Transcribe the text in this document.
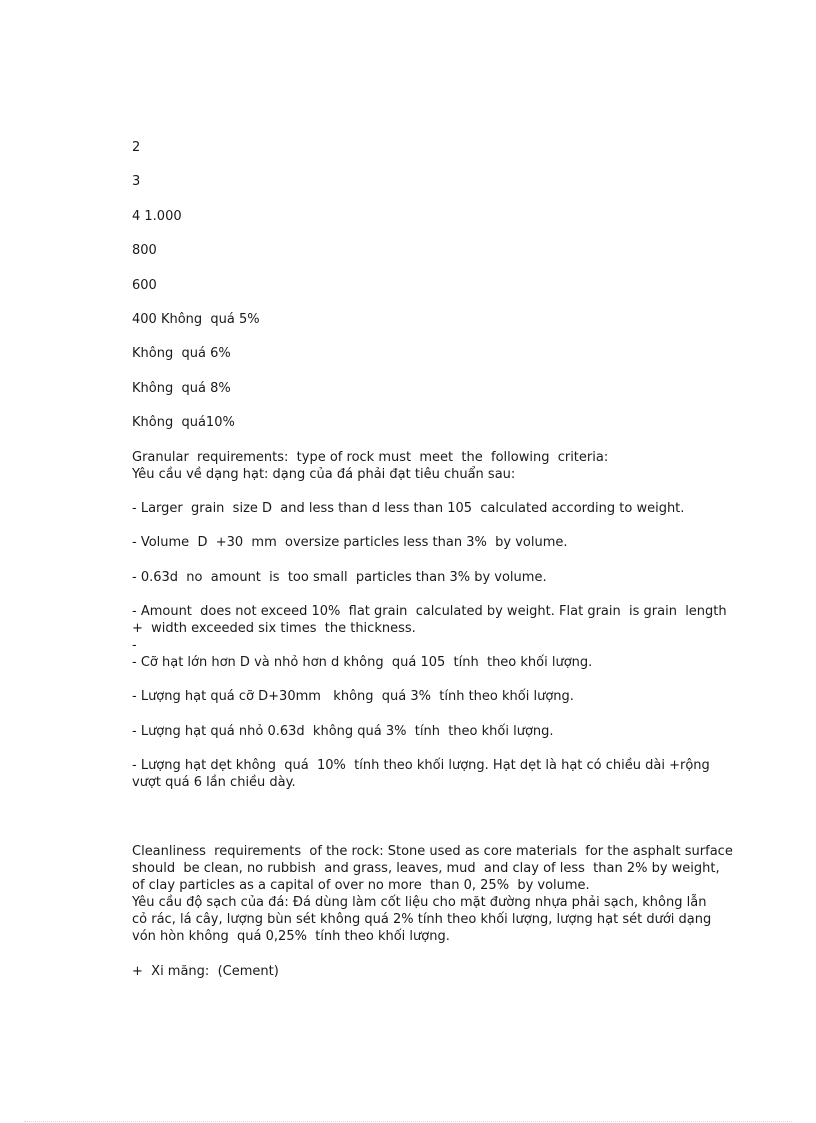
2

3

4 1.000

800

600

400 Không  quá 5%

Không  quá 6%

Không  quá 8%

Không  quá10%

Granular  requirements:  type of rock must  meet  the  following  criteria:

Yêu cầu về dạng hạt: dạng của đá phải đạt tiêu chuẩn sau:

- Larger  grain  size D  and less than d less than 105  calculated according to weight.

- Volume  D  +30  mm  oversize particles less than 3%  by volume.

- 0.63d  no  amount  is  too small  particles than 3% by volume.

- Amount  does not exceed 10%  flat grain  calculated by weight. Flat grain  is grain  length
+  width exceeded six times  the thickness.

-

- Cỡ hạt lớn hơn D và nhỏ hơn d không  quá 105  tính  theo khối lượng.

- Lượng hạt quá cỡ D+30mm   không  quá 3%  tính theo khối lượng.

- Lượng hạt quá nhỏ 0.63d  không quá 3%  tính  theo khối lượng.

- Lượng hạt dẹt không  quá  10%  tính theo khối lượng. Hạt dẹt là hạt có chiều dài +rộng
vượt quá 6 lần chiều dày.

Cleanliness  requirements  of the rock: Stone used as core materials  for the asphalt surface
should  be clean, no rubbish  and grass, leaves, mud  and clay of less  than 2% by weight,
of clay particles as a capital of over no more  than 0, 25%  by volume.

Yêu cầu độ sạch của đá: Đá dùng làm cốt liệu cho mặt đường nhựa phải sạch, không lẫn
cỏ rác, lá cây, lượng bùn sét không quá 2% tính theo khối lượng, lượng hạt sét dưới dạng
vón hòn không  quá 0,25%  tính theo khối lượng.

+  Xi măng:  (Cement)
